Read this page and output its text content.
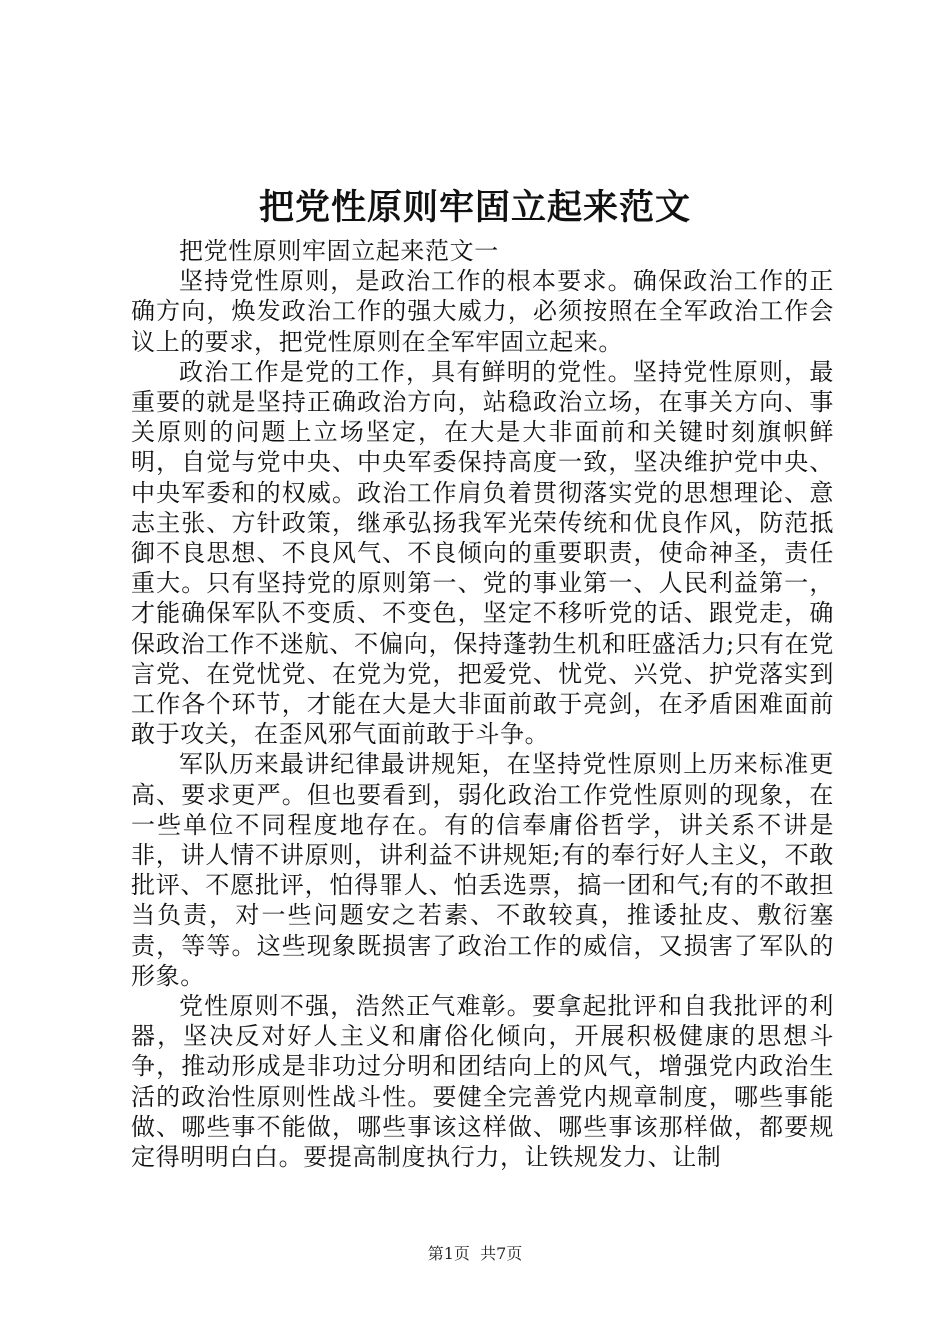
把党性原则牢固立起来范文

把党性原则牢固立起来范文一

坚持党性原则，是政治工作的根本要求。确保政治工作的正确方向，焕发政治工作的强大威力，必须按照在全军政治工作会议上的要求，把党性原则在全军牢固立起来。

政治工作是党的工作，具有鲜明的党性。坚持党性原则，最重要的就是坚持正确政治方向，站稳政治立场，在事关方向、事关原则的问题上立场坚定，在大是大非面前和关键时刻旗帜鲜明，自觉与党中央、中央军委保持高度一致，坚决维护党中央、中央军委和的权威。政治工作肩负着贯彻落实党的思想理论、意志主张、方针政策，继承弘扬我军光荣传统和优良作风，防范抵御不良思想、不良风气、不良倾向的重要职责，使命神圣，责任重大。只有坚持党的原则第一、党的事业第一、人民利益第一，才能确保军队不变质、不变色，坚定不移听党的话、跟党走，确保政治工作不迷航、不偏向，保持蓬勃生机和旺盛活力;只有在党言党、在党忧党、在党为党，把爱党、忧党、兴党、护党落实到工作各个环节，才能在大是大非面前敢于亮剑，在矛盾困难面前敢于攻关，在歪风邪气面前敢于斗争。

军队历来最讲纪律最讲规矩，在坚持党性原则上历来标准更高、要求更严。但也要看到，弱化政治工作党性原则的现象，在一些单位不同程度地存在。有的信奉庸俗哲学，讲关系不讲是非，讲人情不讲原则，讲利益不讲规矩;有的奉行好人主义，不敢批评、不愿批评，怕得罪人、怕丢选票，搞一团和气;有的不敢担当负责，对一些问题安之若素、不敢较真，推诿扯皮、敷衍塞责，等等。这些现象既损害了政治工作的威信，又损害了军队的形象。

党性原则不强，浩然正气难彰。要拿起批评和自我批评的利器，坚决反对好人主义和庸俗化倾向，开展积极健康的思想斗争，推动形成是非功过分明和团结向上的风气，增强党内政治生活的政治性原则性战斗性。要健全完善党内规章制度，哪些事能做、哪些事不能做，哪些事该这样做、哪些事该那样做，都要规定得明明白白。要提高制度执行力，让铁规发力、让制

第1页 共7页
